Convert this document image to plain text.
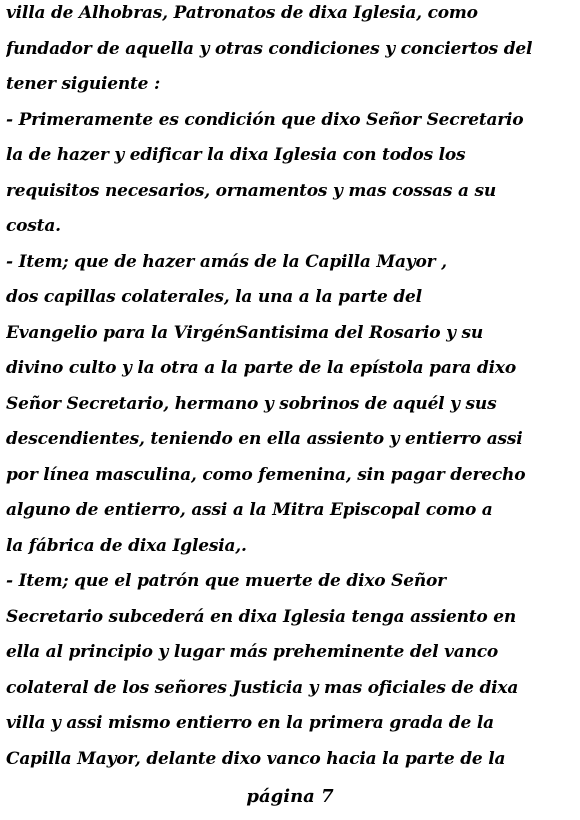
villa de Alhobras, Patronatos de dixa Iglesia, como
fundador de aquella y otras condiciones y conciertos del
tener siguiente :
- Primeramente es condición que dixo Señor Secretario
la de hazer y edificar la dixa Iglesia con todos los
requisitos necesarios, ornamentos y mas cossas a su
costa.
- Item; que de hazer amás de la Capilla Mayor ,
dos capillas colaterales, la una a la parte del
Evangelio para la VirgénSantisima del Rosario y su
divino culto y la otra a la parte de la epístola para dixo
Señor Secretario, hermano y sobrinos de aquél y sus
descendientes, teniendo en ella assiento y entierro assi
por línea masculina, como femenina, sin pagar derecho
alguno de entierro, assi a la Mitra Episcopal como a
la fábrica de dixa Iglesia,.
- Item; que el patrón que muerte de dixo Señor
Secretario subcederá en dixa Iglesia tenga assiento en
ella al principio y lugar más preheminente del vanco
colateral de los señores Justicia y mas oficiales de dixa
villa y assi mismo entierro en la primera grada de la
Capilla Mayor, delante dixo vanco hacia la parte de la
página 7
